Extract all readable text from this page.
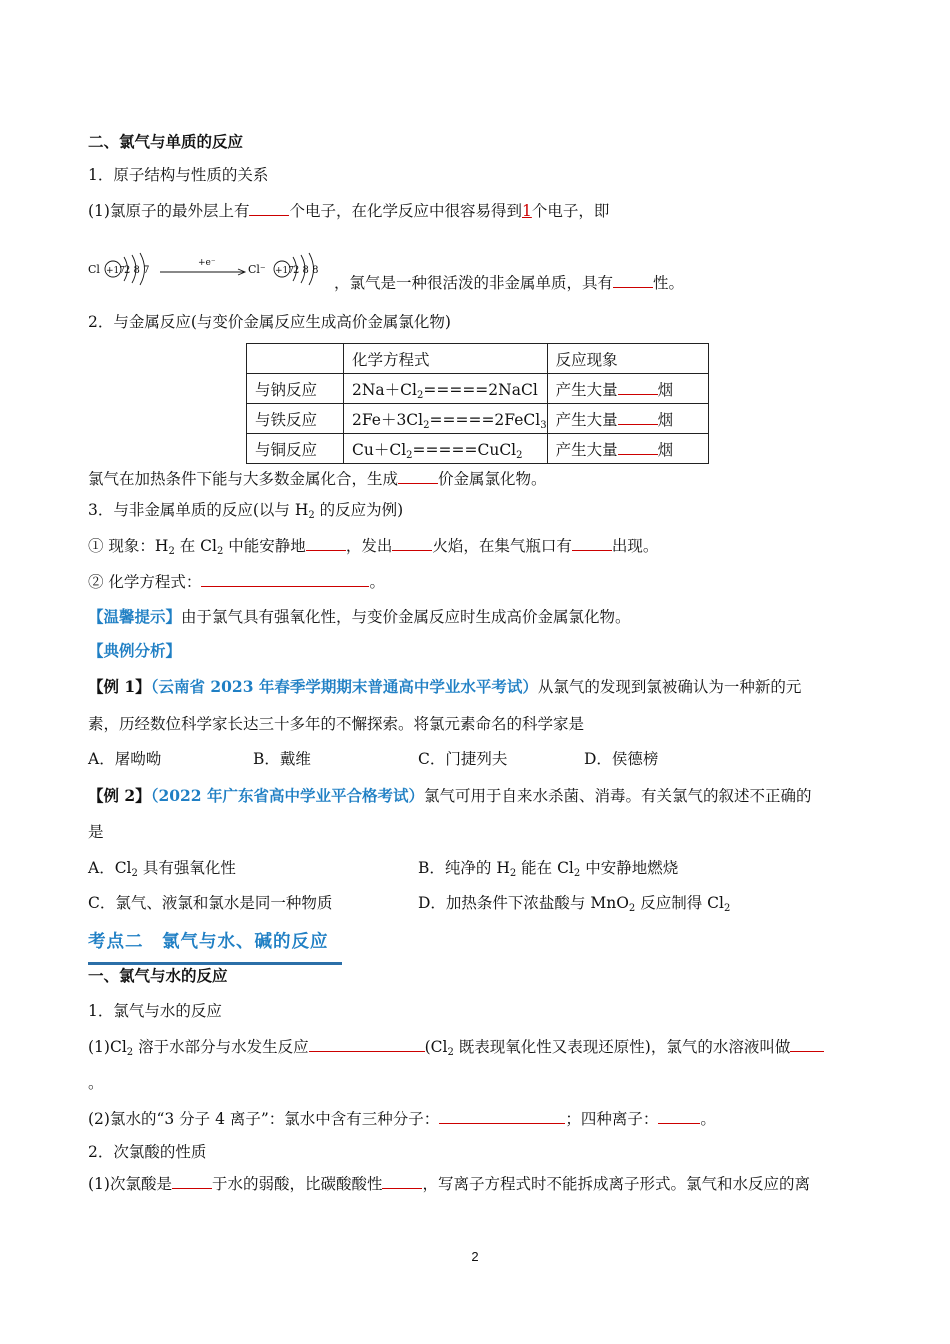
二、氯气与单质的反应
1．原子结构与性质的关系
(1)氯原子的最外层上有	个电子，在化学反应中很容易得到1个电子，即
Cl +17 2 8 7
+e⁻	Cl⁻ +17 2 8 8
，氯气是一种很活泼的非金属单质，具有	性。
2．与金属反应(与变价金属反应生成高价金属氯化物)
	化学方程式	反应现象
与钠反应	$2Na+Cl_2=====2NaCl$	产生大量 烟
与铁反应	$2Fe+3Cl_2=====2FeCl_3$	产生大量 烟
与铜反应	$Cu+Cl_2=====CuCl_2$	产生大量 烟
氯气在加热条件下能与大多数金属化合，生成	价金属氯化物。
3．与非金属单质的反应(以与 $H_2$ 的反应为例)
① 现象：$H_2$ 在 $Cl_2$ 中能安静地	，发出	火焰，在集气瓶口有	出现。
② 化学方程式：	。
【温馨提示】由于氯气具有强氧化性，与变价金属反应时生成高价金属氯化物。
【典例分析】
【例 1】（云南省 2023 年春季学期期末普通高中学业水平考试）从氯气的发现到氯被确认为一种新的元
素，历经数位科学家长达三十多年的不懈探索。将氯元素命名的科学家是
A．屠呦呦	B．戴维	C．门捷列夫	D．侯德榜
【例 2】（2022 年广东省高中学业平合格考试）氯气可用于自来水杀菌、消毒。有关氯气的叙述不正确的
是
A．$Cl_2$ 具有强氧化性	B．纯净的 $H_2$ 能在 $Cl_2$ 中安静地燃烧
C．氯气、液氯和氯水是同一种物质	D．加热条件下浓盐酸与 MnO$_2$ 反应制得 $Cl_2$
考点二　氯气与水、碱的反应
一、氯气与水的反应
1．氯气与水的反应
$(1)Cl_2$ 溶于水部分与水发生反应	($Cl_2$ 既表现氧化性又表现还原性)，氯气的水溶液叫做
。
(2)氯水的“3 分子 4 离子”：氯水中含有三种分子：	；四种离子：	。
2．次氯酸的性质
(1)次氯酸是	于水的弱酸，比碳酸酸性	，写离子方程式时不能拆成离子形式。氯气和水反应的离
2
